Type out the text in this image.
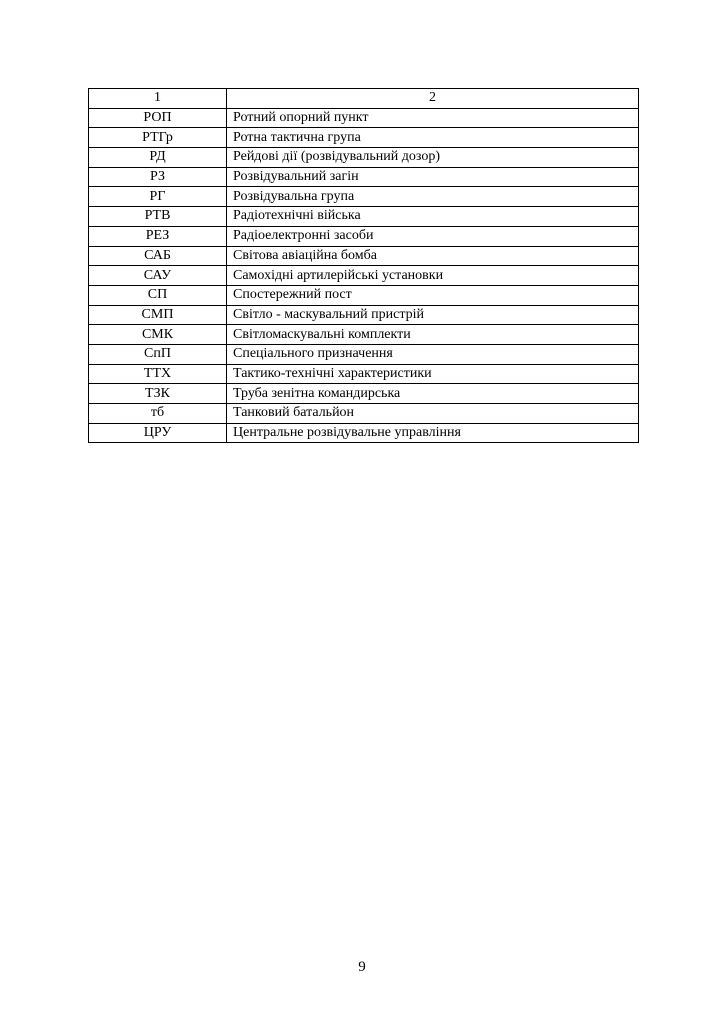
1	2
РОП	Ротний опорний пункт
РТГр	Ротна тактична група
РД	Рейдові дії (розвідувальний дозор)
РЗ	Розвідувальний загін
РГ	Розвідувальна група
РТВ	Радіотехнічні війська
РЕЗ	Радіоелектронні засоби
САБ	Світова авіаційна бомба
САУ	Самохідні артилерійські установки
СП	Спостережний пост
СМП	Світло - маскувальний пристрій
СМК	Світломаскувальні комплекти
СпП	Спеціального призначення
ТТХ	Тактико-технічні характеристики
ТЗК	Труба зенітна командирська
тб	Танковий батальйон
ЦРУ	Центральне розвідувальне управління
9
